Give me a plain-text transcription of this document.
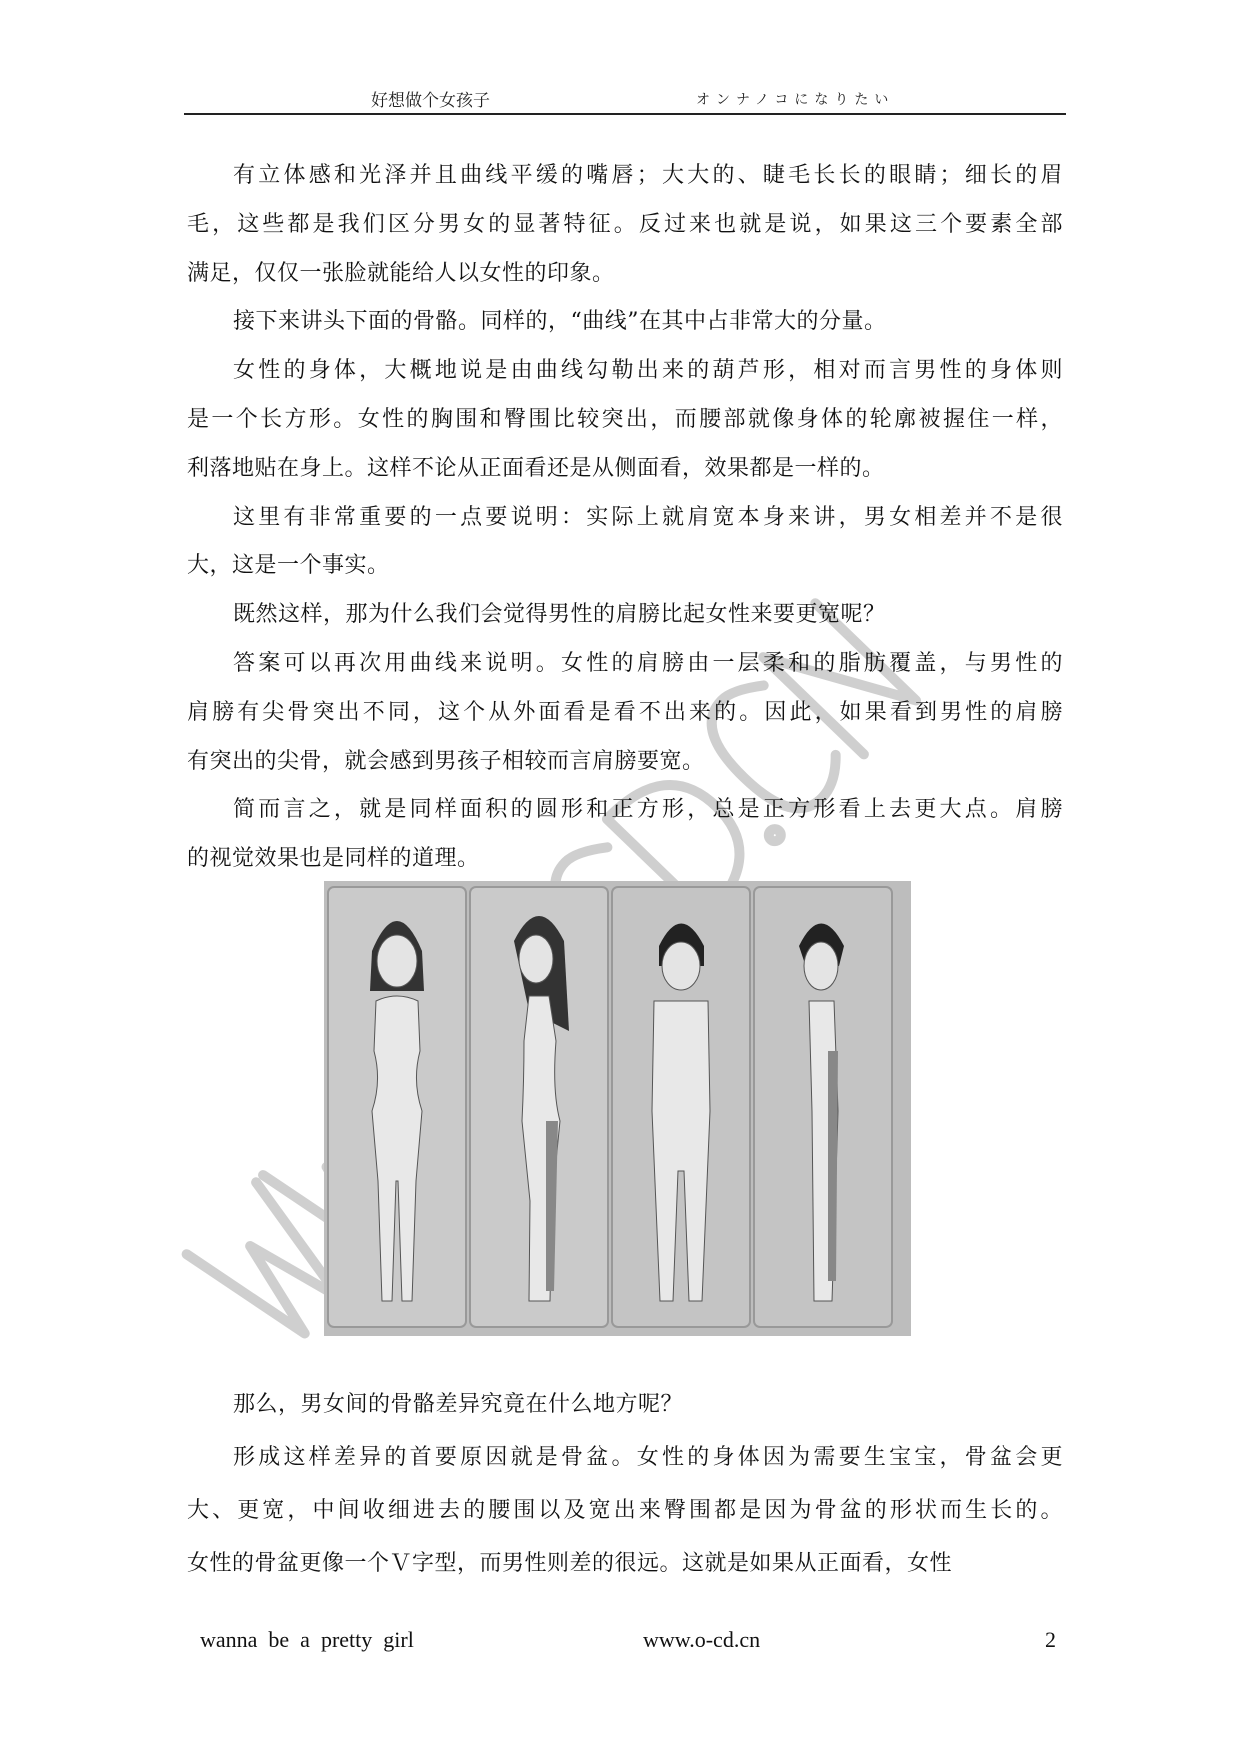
好想做个女孩子	オンナノコになりたい
有立体感和光泽并且曲线平缓的嘴唇；大大的、睫毛长长的眼睛；细长的眉
毛，这些都是我们区分男女的显著特征。反过来也就是说，如果这三个要素全部
满足，仅仅一张脸就能给人以女性的印象。
接下来讲头下面的骨骼。同样的，“曲线”在其中占非常大的分量。
女性的身体，大概地说是由曲线勾勒出来的葫芦形，相对而言男性的身体则
是一个长方形。女性的胸围和臀围比较突出，而腰部就像身体的轮廓被握住一样，
利落地贴在身上。这样不论从正面看还是从侧面看，效果都是一样的。
这里有非常重要的一点要说明：实际上就肩宽本身来讲，男女相差并不是很
大，这是一个事实。
既然这样，那为什么我们会觉得男性的肩膀比起女性来要更宽呢？
答案可以再次用曲线来说明。女性的肩膀由一层柔和的脂肪覆盖，与男性的
肩膀有尖骨突出不同，这个从外面看是看不出来的。因此，如果看到男性的肩膀
有突出的尖骨，就会感到男孩子相较而言肩膀要宽。
简而言之，就是同样面积的圆形和正方形，总是正方形看上去更大点。肩膀
的视觉效果也是同样的道理。
那么，男女间的骨骼差异究竟在什么地方呢？
形成这样差异的首要原因就是骨盆。女性的身体因为需要生宝宝，骨盆会更
大、更宽，中间收细进去的腰围以及宽出来臀围都是因为骨盆的形状而生长的。
女性的骨盆更像一个Ｖ字型，而男性则差的很远。这就是如果从正面看，女性
wanna  be  a  pretty  girl	www.o-cd.cn	2
